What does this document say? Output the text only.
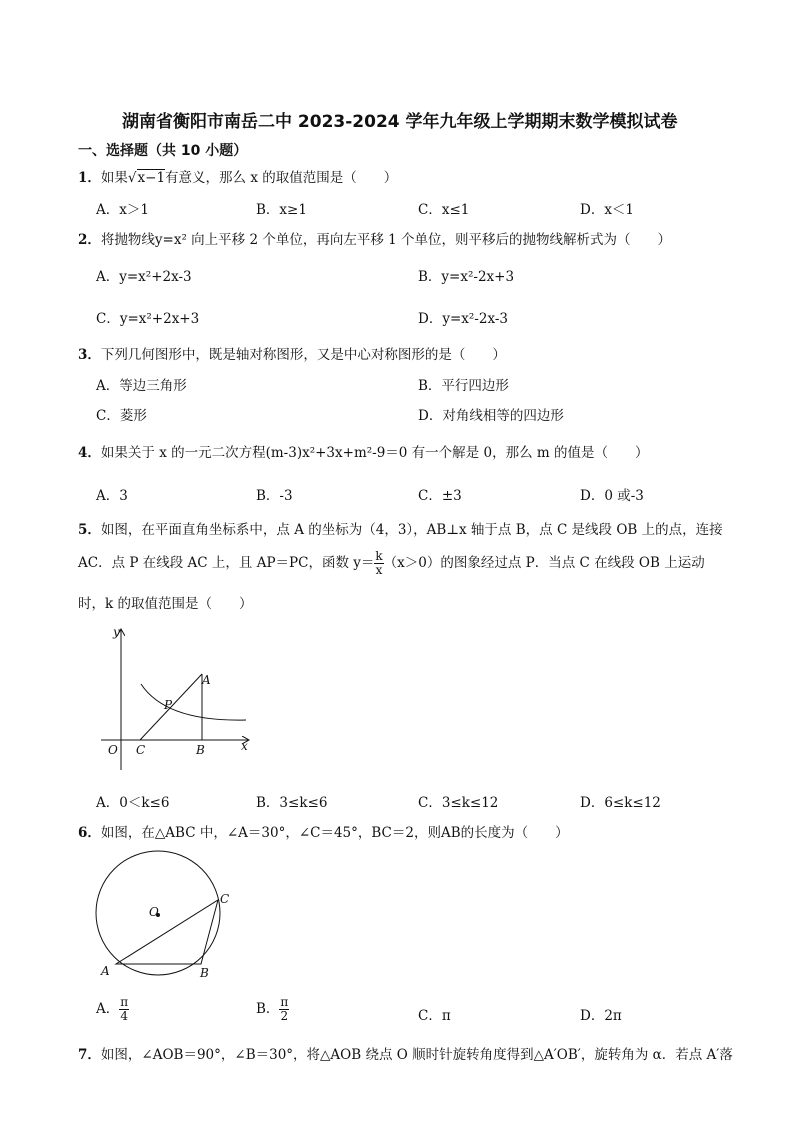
湖南省衡阳市南岳二中 2023-2024 学年九年级上学期期末数学模拟试卷
一、选择题（共 10 小题）
1．如果√x−1有意义，那么 x 的取值范围是（　　）
A．x＞1	B．x≥1	C．x≤1	D．x＜1
2．将抛物线y=x² 向上平移 2 个单位，再向左平移 1 个单位，则平移后的抛物线解析式为（　　）
A．y=x²+2x-3	B．y=x²-2x+3
C．y=x²+2x+3	D．y=x²-2x-3
3．下列几何图形中，既是轴对称图形，又是中心对称图形的是（　　）
A．等边三角形	B．平行四边形
C．菱形	D．对角线相等的四边形
4．如果关于 x 的一元二次方程(m-3)x²+3x+m²-9＝0 有一个解是 0，那么 m 的值是（　　）
A．3	B．-3	C．±3	D．0 或-3
5．如图，在平面直角坐标系中，点 A 的坐标为（4，3），AB⊥x 轴于点 B，点 C 是线段 OB 上的点，连接
AC．点 P 在线段 AC 上，且 AP＝PC，函数 $y= \frac{k}{x} (x>0)$的图象经过点 P．当点 C 在线段 OB 上运动
时，k 的取值范围是（　　）
y
x
O C	B
A
P
A．0＜k≤6	B．3≤k≤6	C．3≤k≤12	D．6≤k≤12
6．如图，在△ABC 中，∠A＝30°，∠C＝45°，BC＝2，则AB的长度为（　　）
O
A	B
C
A． $\frac{\pi}{4}$	B． $\frac{\pi}{2}$	C．π	D．2π
7．如图，∠AOB＝90°，∠B＝30°，将△AOB 绕点 O 顺时针旋转角度得到△A′OB′，旋转角为 α．若点 A′落
